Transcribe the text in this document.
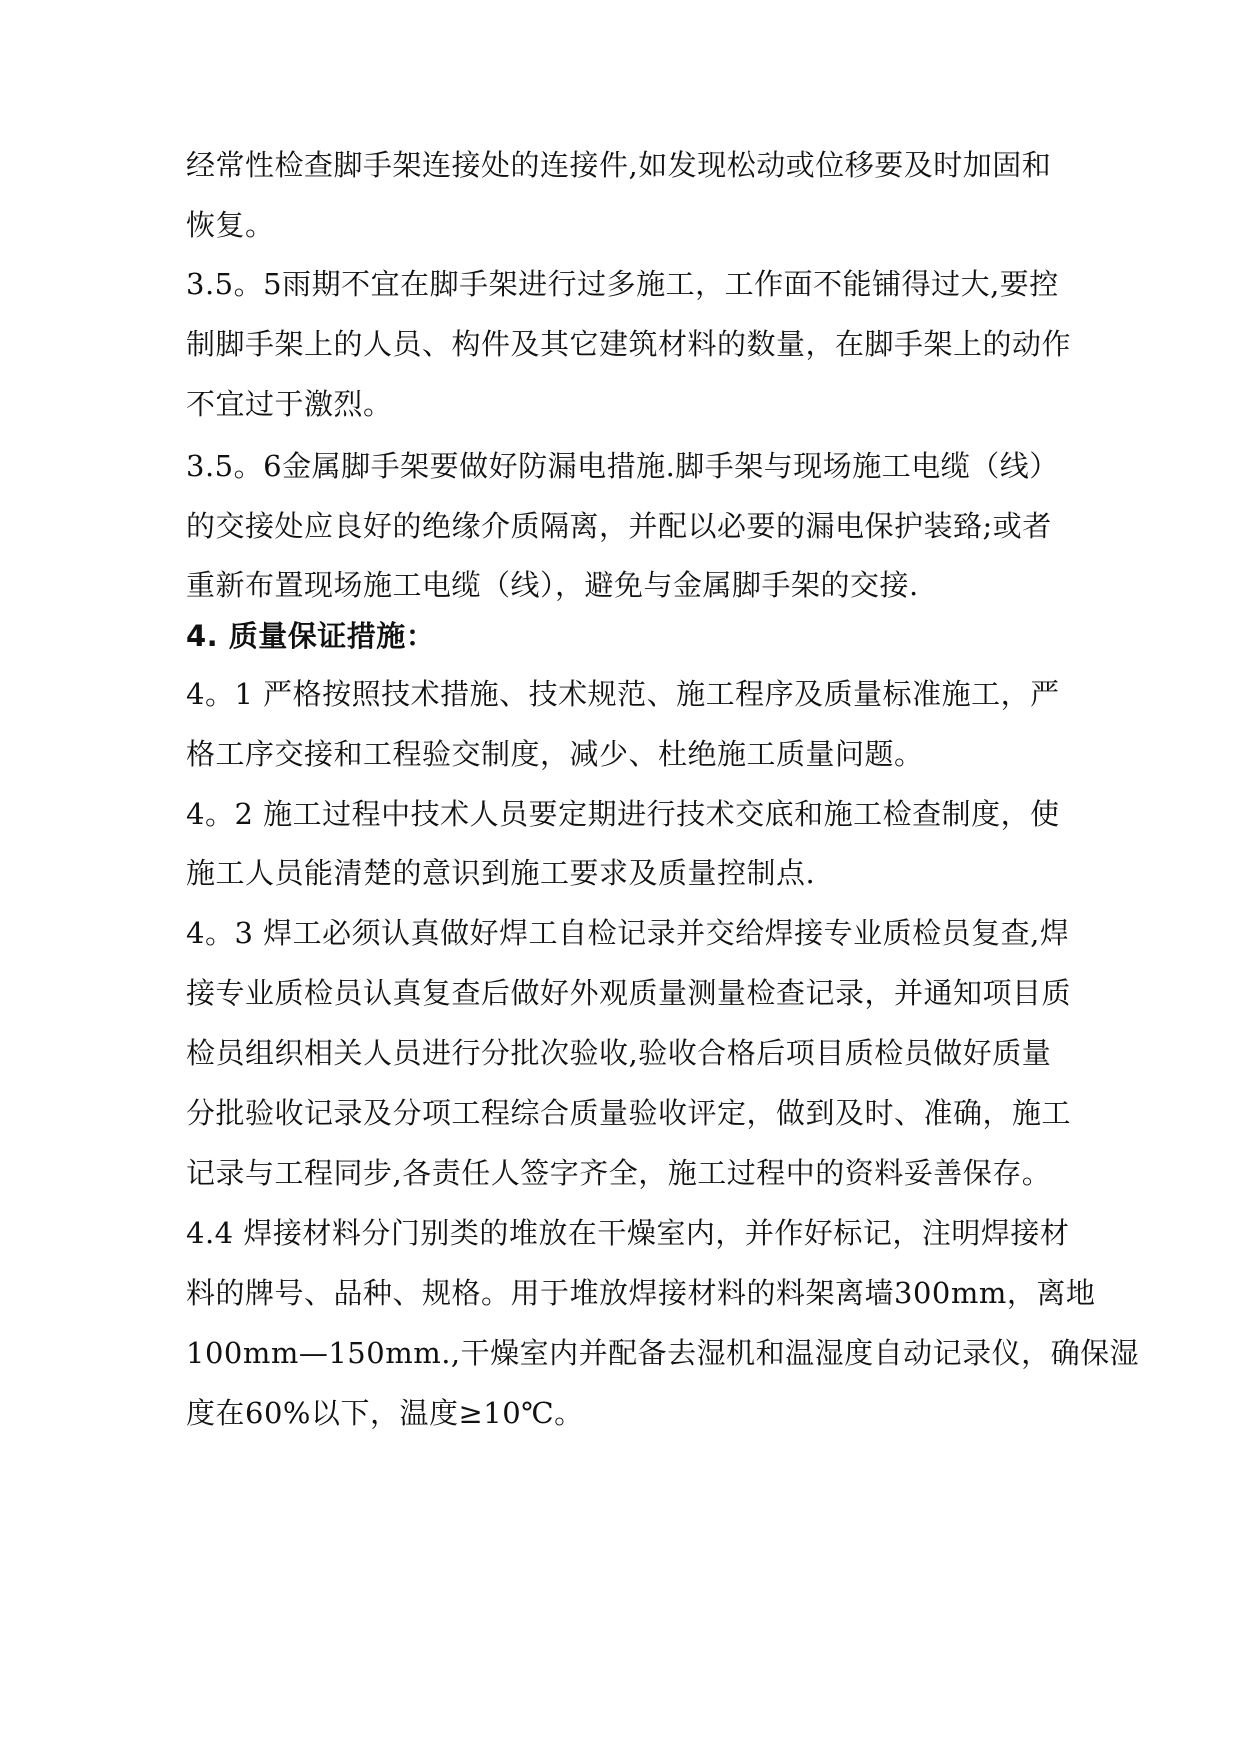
经常性检查脚手架连接处的连接件,如发现松动或位移要及时加固和
恢复。
3.5。5雨期不宜在脚手架进行过多施工，工作面不能铺得过大,要控
制脚手架上的人员、构件及其它建筑材料的数量，在脚手架上的动作
不宜过于激烈。
3.5。6金属脚手架要做好防漏电措施.脚手架与现场施工电缆（线）
的交接处应良好的绝缘介质隔离，并配以必要的漏电保护装臵;或者
重新布置现场施工电缆（线），避免与金属脚手架的交接.
4. 质量保证措施：
4。1 严格按照技术措施、技术规范、施工程序及质量标准施工，严
格工序交接和工程验交制度，减少、杜绝施工质量问题。
4。2 施工过程中技术人员要定期进行技术交底和施工检查制度，使
施工人员能清楚的意识到施工要求及质量控制点.
4。3 焊工必须认真做好焊工自检记录并交给焊接专业质检员复查,焊
接专业质检员认真复查后做好外观质量测量检查记录，并通知项目质
检员组织相关人员进行分批次验收,验收合格后项目质检员做好质量
分批验收记录及分项工程综合质量验收评定，做到及时、准确，施工
记录与工程同步,各责任人签字齐全，施工过程中的资料妥善保存。
4.4 焊接材料分门别类的堆放在干燥室内，并作好标记，注明焊接材
料的牌号、品种、规格。用于堆放焊接材料的料架离墙300mm，离地
100mm—150mm.,干燥室内并配备去湿机和温湿度自动记录仪，确保湿
度在60%以下，温度≥10℃。
